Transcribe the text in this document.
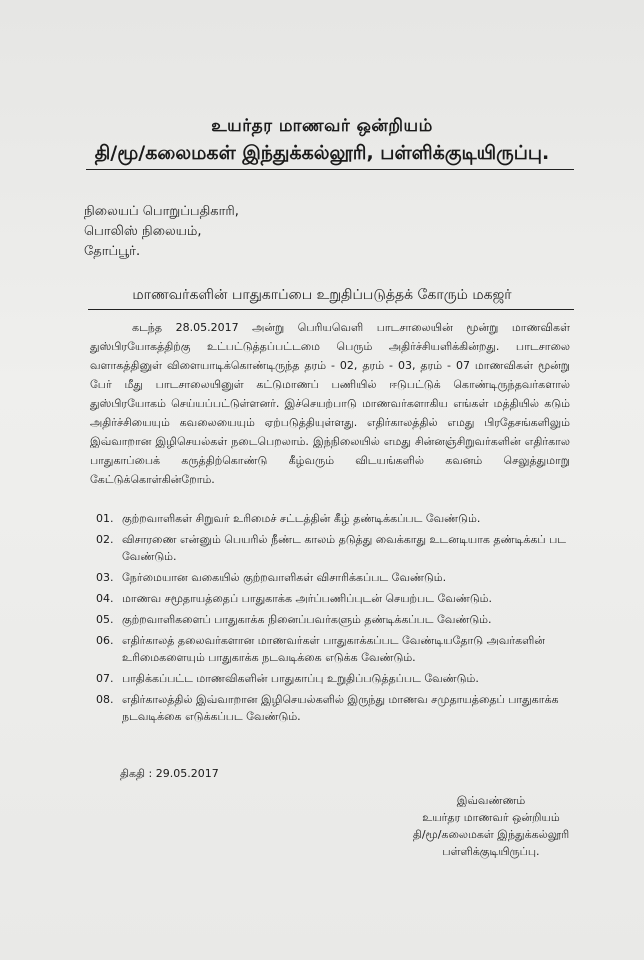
உயர்தர மாணவர் ஒன்றியம்
தி/மூ/கலைமகள் இந்துக்கல்லூரி, பள்ளிக்குடியிருப்பு.
நிலையப் பொறுப்பதிகாரி,
பொலிஸ் நிலையம்,
தோப்பூர்.
மாணவர்களின் பாதுகாப்பை உறுதிப்படுத்தக் கோரும் மகஜர்
கடந்த 28.05.2017 அன்று பெரியவெளி பாடசாலையின் மூன்று மாணவிகள் துஸ்பிரயோகத்திற்கு உட்பட்டுத்தப்பட்டமை பெரும் அதிர்ச்சியளிக்கின்றது. பாடசாலை வளாகத்தினுள் விளையாடிக்கொண்டிருந்த தரம் - 02, தரம் - 03, தரம் - 07 மாணவிகள் மூன்று பேர் மீது பாடசாலையினுள் கட்டுமாணப் பணியில் ஈடுபட்டுக் கொண்டிருந்தவர்களால் துஸ்பிரயோகம் செய்யப்பட்டுள்ளனர். இச்செயற்பாடு மாணவர்களாகிய எங்கள் மத்தியில் கடும் அதிர்ச்சியையும் கவலையையும் ஏற்படுத்தியுள்ளது. எதிர்காலத்தில் எமது பிரதேசங்களிலும் இவ்வாறான இழிசெயல்கள் நடைபெறலாம். இந்நிலையில் எமது சின்னஞ்சிறுவர்களின் எதிர்கால பாதுகாப்பைக் கருத்திற்கொண்டு கீழ்வரும் விடயங்களில் கவனம் செலுத்துமாறு கேட்டுக்கொள்கின்றோம்.
01. குற்றவாளிகள் சிறுவர் உரிமைச் சட்டத்தின் கீழ் தண்டிக்கப்பட வேண்டும்.
02. விசாரணை என்னும் பெயரில் நீண்ட காலம் தடுத்து வைக்காது உடனடியாக தண்டிக்கப் பட வேண்டும்.
03. நேர்மையான வகையில் குற்றவாளிகள் விசாரிக்கப்பட வேண்டும்.
04. மாணவ சமூதாயத்தைப் பாதுகாக்க அர்ப்பணிப்புடன் செயற்பட வேண்டும்.
05. குற்றவாளிகளைப் பாதுகாக்க நினைப்பவர்களும் தண்டிக்கப்பட வேண்டும்.
06. எதிர்காலத் தலைவர்களான மாணவர்கள் பாதுகாக்கப்பட வேண்டியதோடு அவர்களின் உரிமைகளையும் பாதுகாக்க நடவடிக்கை எடுக்க வேண்டும்.
07. பாதிக்கப்பட்ட மாணவிகளின் பாதுகாப்பு உறுதிப்படுத்தப்பட வேண்டும்.
08. எதிர்காலத்தில் இவ்வாறான இழிசெயல்களில் இருந்து மாணவ சமுதாயத்தைப் பாதுகாக்க நடவடிக்கை எடுக்கப்பட வேண்டும்.
திகதி : 29.05.2017
இவ்வண்ணம்
உயர்தர மாணவர் ஒன்றியம்
தி/மூ/கலைமகள் இந்துக்கல்லூரி
பள்ளிக்குடியிருப்பு.
